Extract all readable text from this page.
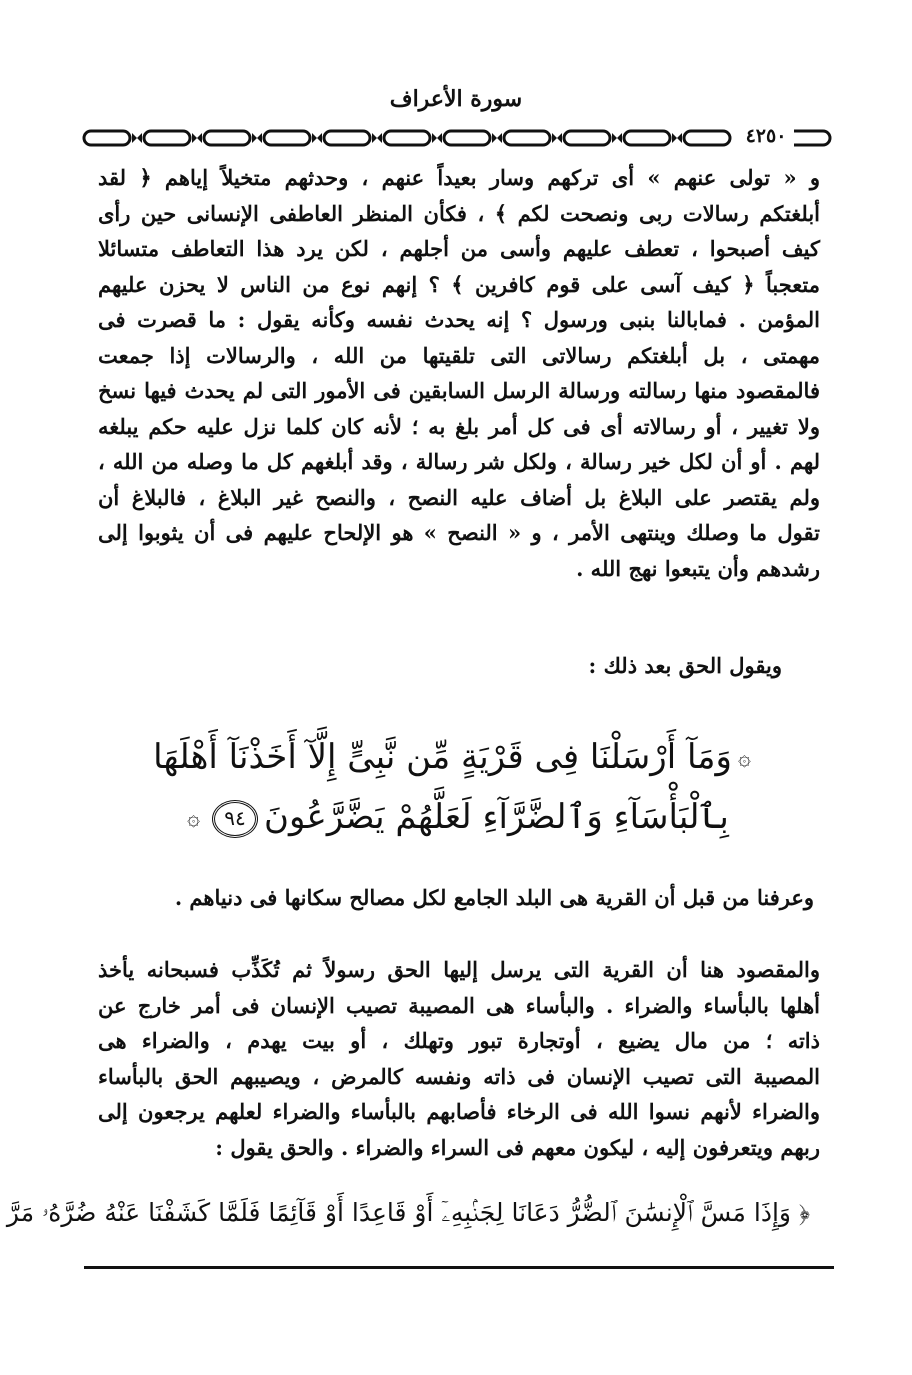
سورة الأعراف
٤٢٥٠
و « تولى عنهم » أى تركهم وسار بعيداً عنهم ، وحدثهم متخيلاً إياهم ﴿ لقد
أبلغتكم رسالات ربى ونصحت لكم ﴾ ، فكأن المنظر العاطفى الإنسانى حين رأى
كيف أصبحوا ، تعطف عليهم وأسى من أجلهم ، لكن يرد هذا التعاطف متسائلا
متعجباً ﴿ كيف آسى على قوم كافرين ﴾ ؟ إنهم نوع من الناس لا يحزن عليهم
المؤمن . فمابالنا بنبى ورسول ؟ إنه يحدث نفسه وكأنه يقول : ما قصرت فى
مهمتى ، بل أبلغتكم رسالاتى التى تلقيتها من الله ، والرسالات إذا جمعت
فالمقصود منها رسالته ورسالة الرسل السابقين فى الأمور التى لم يحدث فيها نسخ
ولا تغيير ، أو رسالاته أى فى كل أمر بلغ به ؛ لأنه كان كلما نزل عليه حكم يبلغه
لهم . أو أن لكل خير رسالة ، ولكل شر رسالة ، وقد أبلغهم كل ما وصله من الله ،
ولم يقتصر على البلاغ بل أضاف عليه النصح ، والنصح غير البلاغ ، فالبلاغ أن
تقول ما وصلك وينتهى الأمر ، و « النصح » هو الإلحاح عليهم فى أن يثوبوا إلى
رشدهم وأن يتبعوا نهج الله .
ويقول الحق بعد ذلك :
۞وَمَآ أَرْسَلْنَا فِى قَرْيَةٍ مِّن نَّبِىٍّ إِلَّآ أَخَذْنَآ أَهْلَهَا
بِٱلْبَأْسَآءِ وَٱلضَّرَّآءِ لَعَلَّهُمْ يَضَّرَّعُونَ٩٤۞
وعرفنا من قبل أن القرية هى البلد الجامع لكل مصالح سكانها فى دنياهم .
والمقصود هنا أن القرية التى يرسل إليها الحق رسولاً ثم تُكَذِّب فسبحانه يأخذ
أهلها بالبأساء والضراء . والبأساء هى المصيبة تصيب الإنسان فى أمر خارج عن
ذاته ؛ من مال يضيع ، أوتجارة تبور وتهلك ، أو بيت يهدم ، والضراء هى
المصيبة التى تصيب الإنسان فى ذاته ونفسه كالمرض ، ويصيبهم الحق بالبأساء
والضراء لأنهم نسوا الله فى الرخاء فأصابهم بالبأساء والضراء لعلهم يرجعون إلى
ربهم ويتعرفون إليه ، ليكون معهم فى السراء والضراء . والحق يقول :
﴿ وَإِذَا مَسَّ ٱلْإِنسَٰنَ ٱلضُّرُّ دَعَانَا لِجَنۢبِهِۦٓ أَوْ قَاعِدًا أَوْ قَآئِمًا فَلَمَّا كَشَفْنَا عَنْهُ ضُرَّهُۥ مَرَّ
